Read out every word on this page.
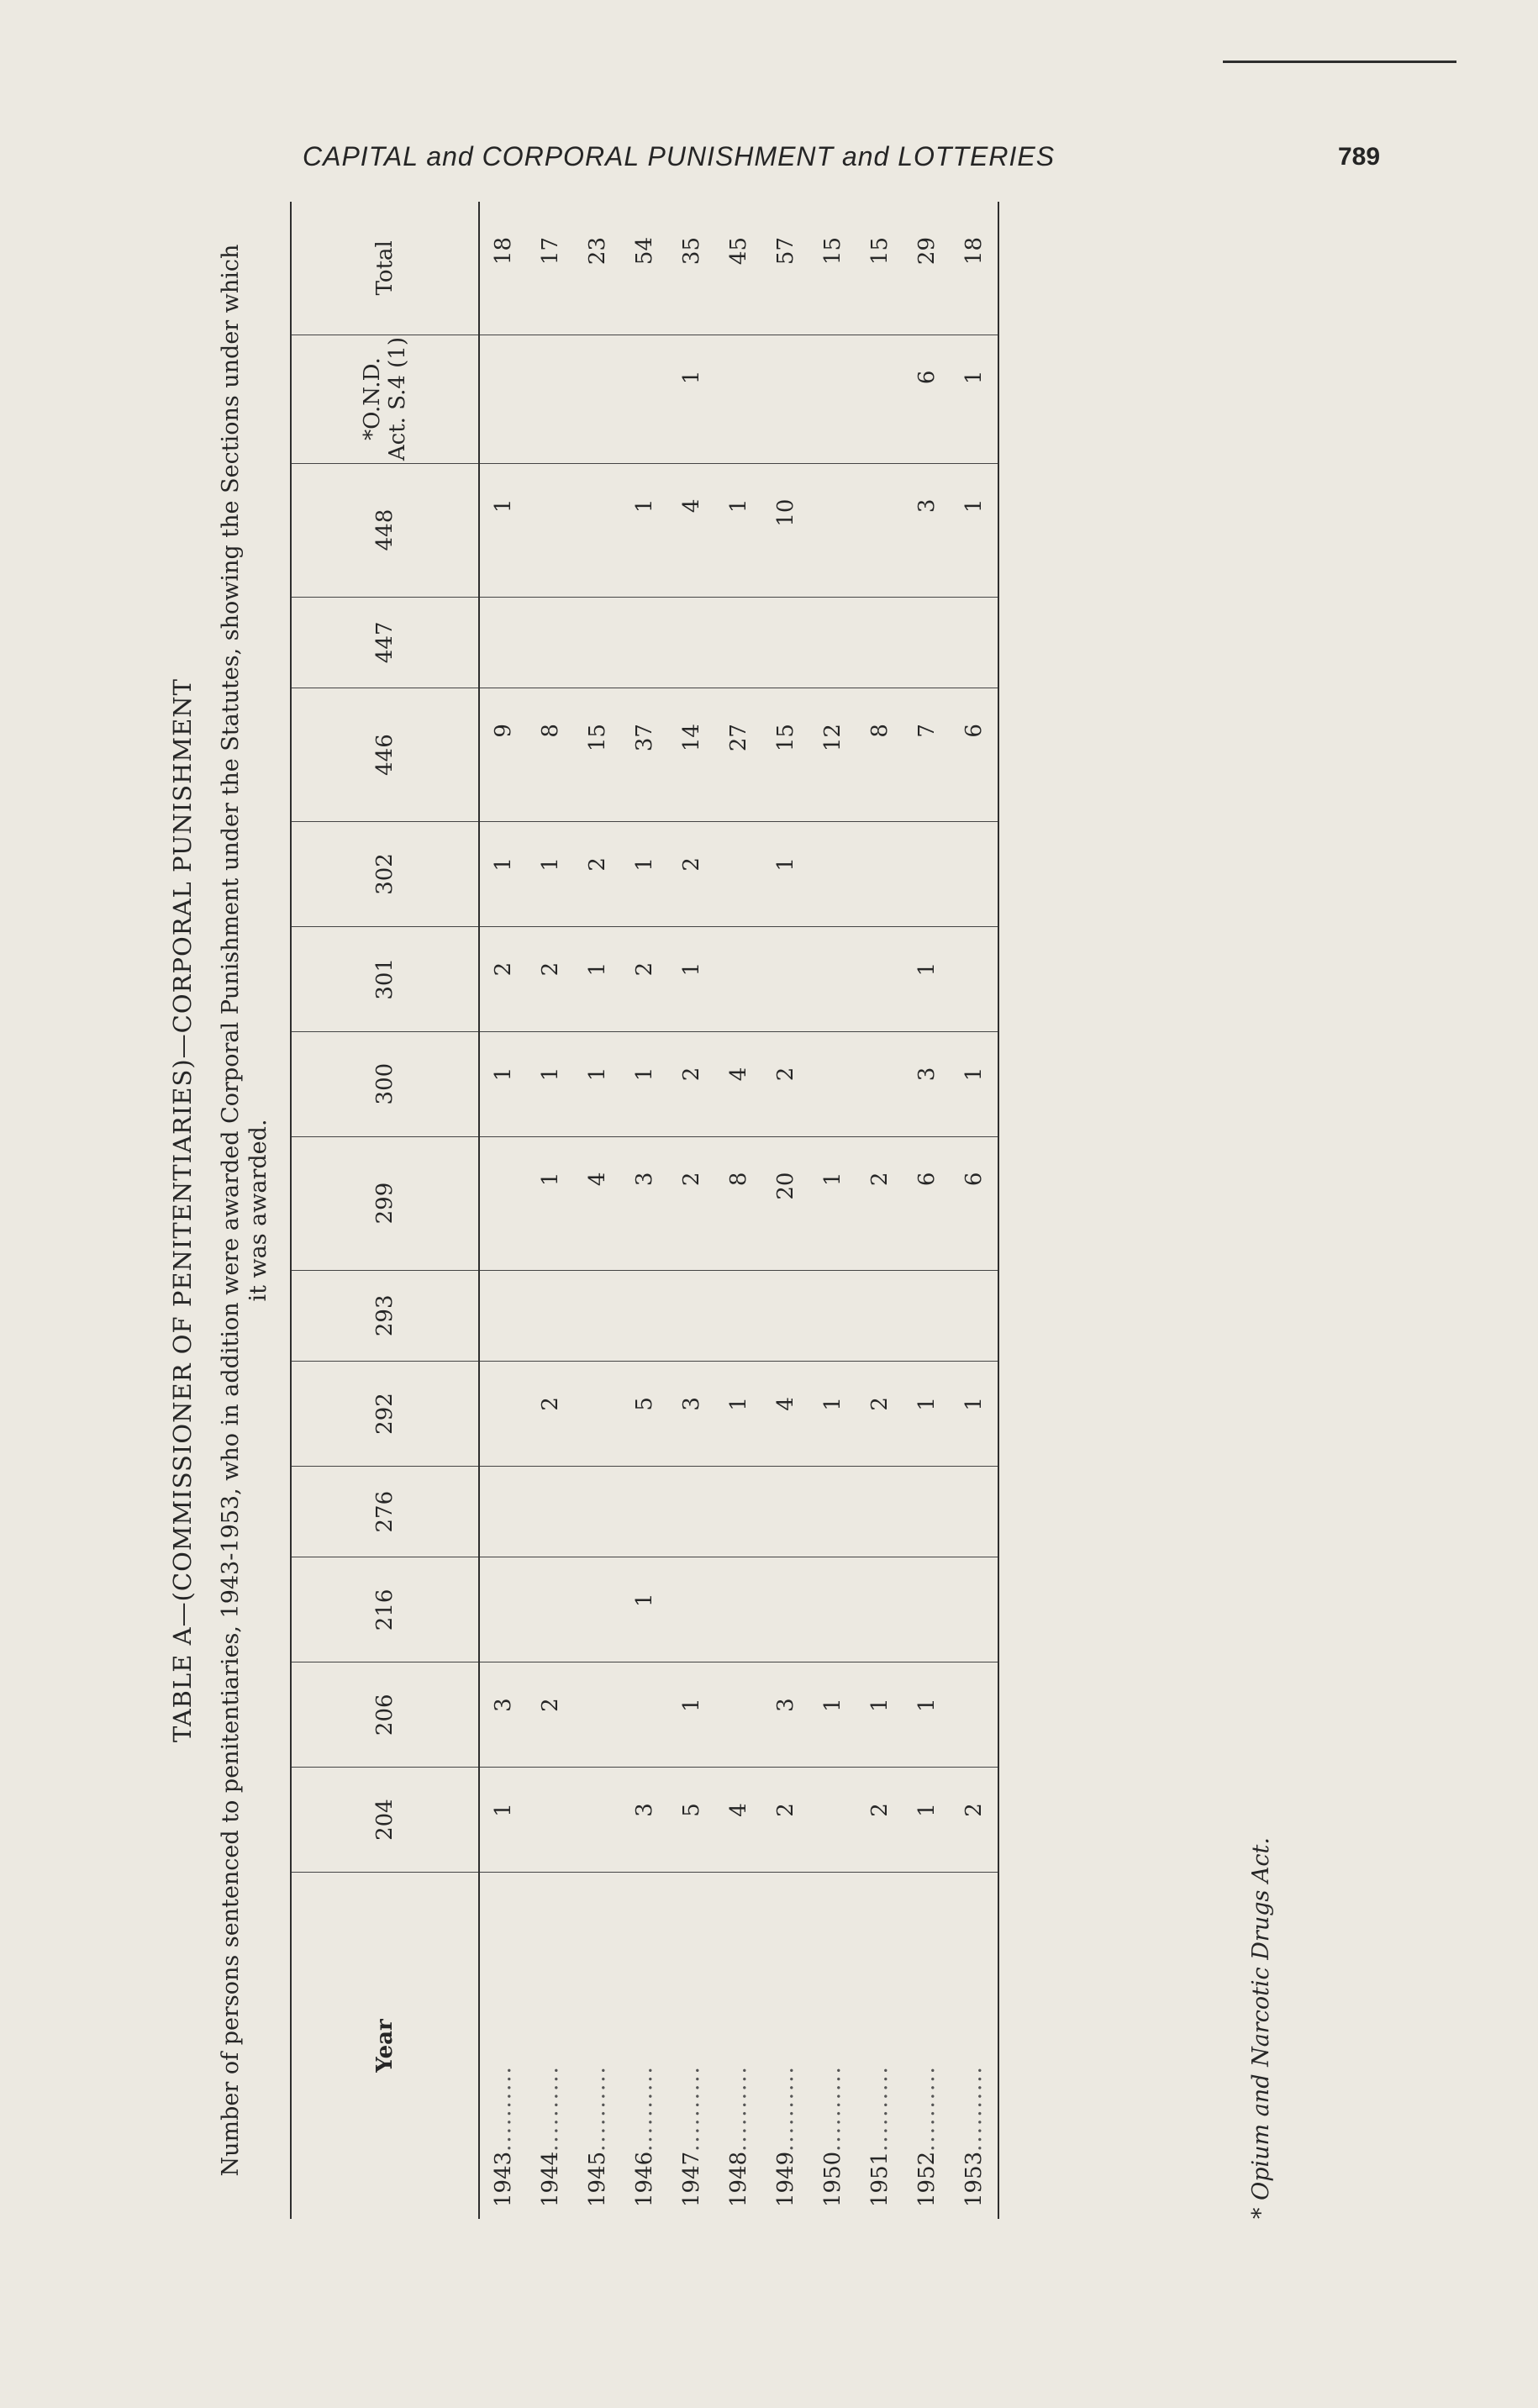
CAPITAL and CORPORAL PUNISHMENT and LOTTERIES	789
TABLE A—(COMMISSIONER OF PENITENTIARIES)—CORPORAL PUNISHMENT Number of persons sentenced to penitentiaries, 1943-1953, who in addition were awarded Corporal Punishment under the Statutes, showing the Sections under which it was awarded.
Year	204	206	216	276	292	293	299	300	301	302	446	447	448	*O.N.D. Act. S.4 (1)	Total
1943..........	1	3						1	2	1	9		1		18
1944..........		2			2		1	1	2	1	8				17
1945..........							4	1	1	2	15				23
1946..........	3		1		5		3	1	2	1	37		1		54
1947..........	5	1			3		2	2	1	2	14		4	1	35
1948..........	4				1		8	4			27		1		45
1949..........	2	3			4		20	2		1	15		10		57
1950..........		1			1		1				12				15
1951..........	2	1			2		2				8				15
1952..........	1	1			1		6	3	1		7		3	6	29
1953..........	2				1		6	1			6		1	1	18
* Opium and Narcotic Drugs Act.
